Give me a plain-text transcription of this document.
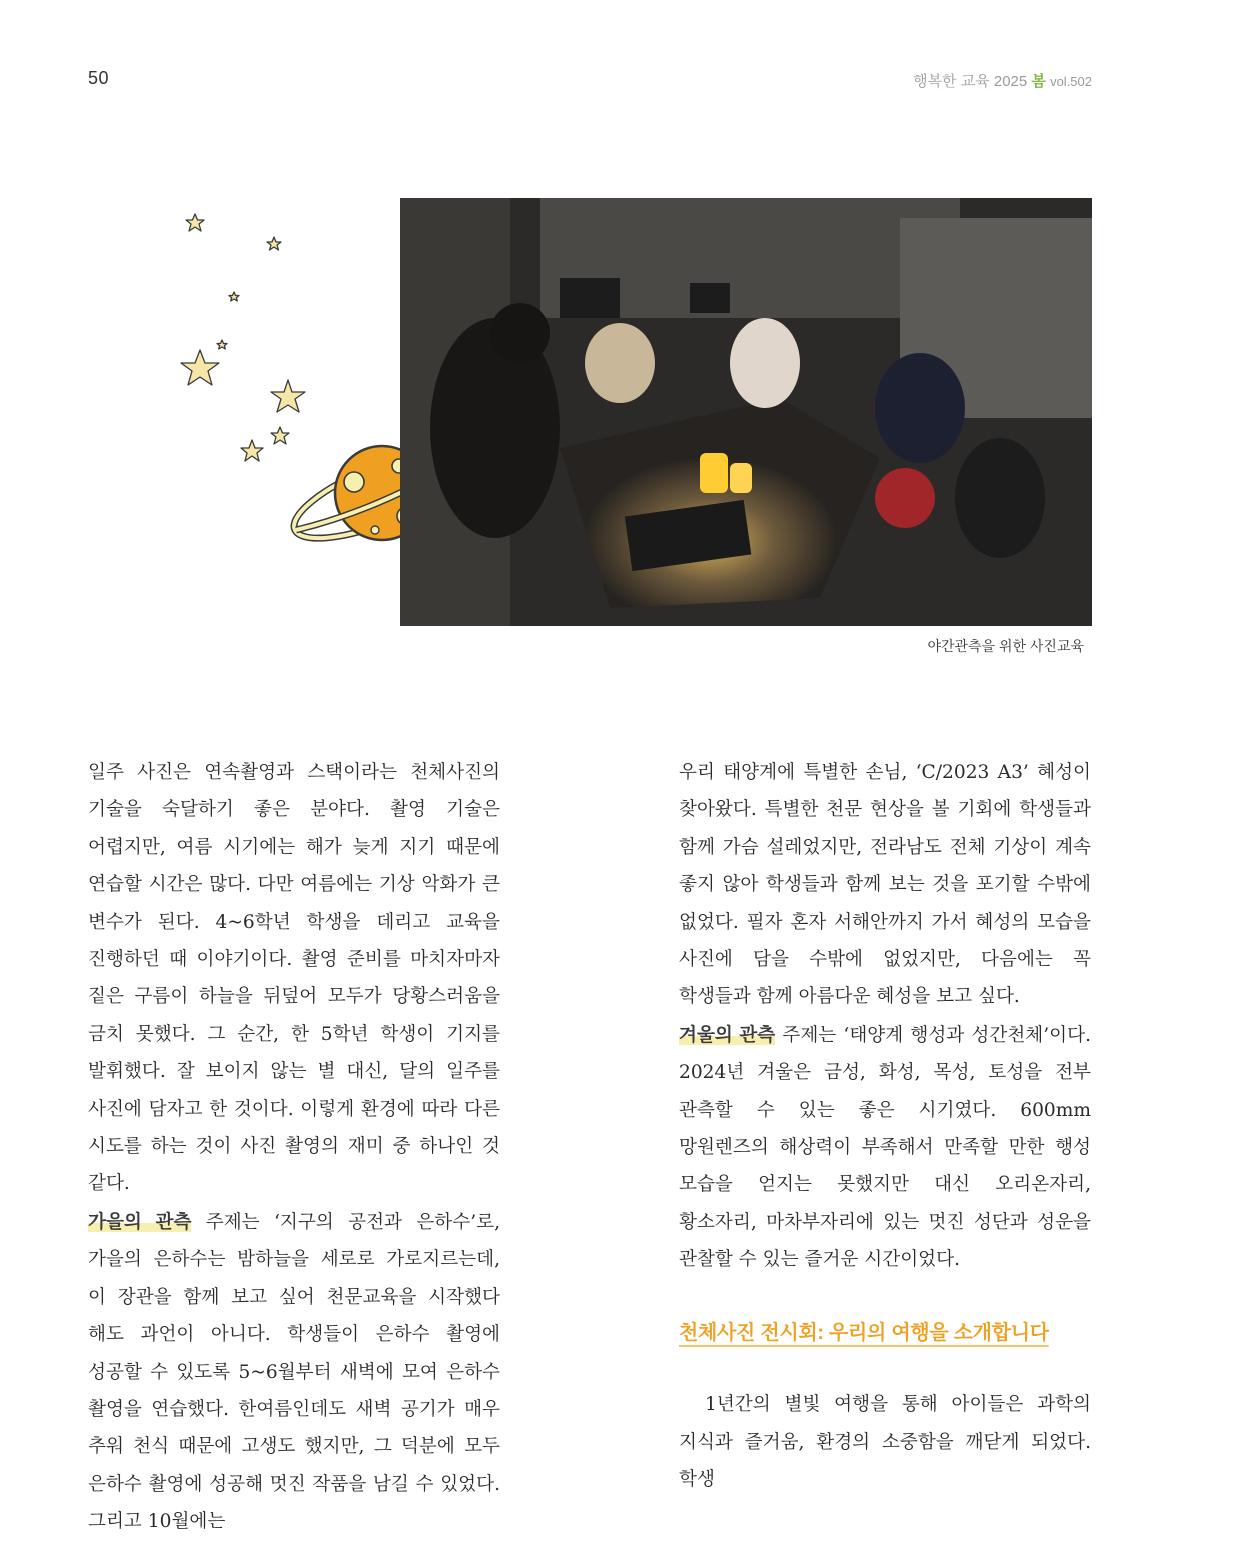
50	행복한 교육 2025 봄 vol.502
야간관측을 위한 사진교육

일주 사진은 연속촬영과 스택이라는 천체사진의 기술을 숙달하기 좋은 분야다. 촬영 기술은 어렵지만, 여름 시기에는 해가 늦게 지기 때문에 연습할 시간은 많다. 다만 여름에는 기상 악화가 큰 변수가 된다. 4~6학년 학생을 데리고 교육을 진행하던 때 이야기이다. 촬영 준비를 마치자마자 짙은 구름이 하늘을 뒤덮어 모두가 당황스러움을 금치 못했다. 그 순간, 한 5학년 학생이 기지를 발휘했다. 잘 보이지 않는 별 대신, 달의 일주를 사진에 담자고 한 것이다. 이렇게 환경에 따라 다른 시도를 하는 것이 사진 촬영의 재미 중 하나인 것 같다.

가을의 관측 주제는 ‘지구의 공전과 은하수’로, 가을의 은하수는 밤하늘을 세로로 가로지르는데, 이 장관을 함께 보고 싶어 천문교육을 시작했다 해도 과언이 아니다. 학생들이 은하수 촬영에 성공할 수 있도록 5~6월부터 새벽에 모여 은하수 촬영을 연습했다. 한여름인데도 새벽 공기가 매우 추워 천식 때문에 고생도 했지만, 그 덕분에 모두 은하수 촬영에 성공해 멋진 작품을 남길 수 있었다. 그리고 10월에는

우리 태양계에 특별한 손님, ‘C/2023 A3’ 혜성이 찾아왔다. 특별한 천문 현상을 볼 기회에 학생들과 함께 가슴 설레었지만, 전라남도 전체 기상이 계속 좋지 않아 학생들과 함께 보는 것을 포기할 수밖에 없었다. 필자 혼자 서해안까지 가서 혜성의 모습을 사진에 담을 수밖에 없었지만, 다음에는 꼭 학생들과 함께 아름다운 혜성을 보고 싶다.

겨울의 관측 주제는 ‘태양계 행성과 성간천체’이다. 2024년 겨울은 금성, 화성, 목성, 토성을 전부 관측할 수 있는 좋은 시기였다. 600mm 망원렌즈의 해상력이 부족해서 만족할 만한 행성 모습을 얻지는 못했지만 대신 오리온자리, 황소자리, 마차부자리에 있는 멋진 성단과 성운을 관찰할 수 있는 즐거운 시간이었다.

천체사진 전시회: 우리의 여행을 소개합니다

1년간의 별빛 여행을 통해 아이들은 과학의 지식과 즐거움, 환경의 소중함을 깨닫게 되었다. 학생
